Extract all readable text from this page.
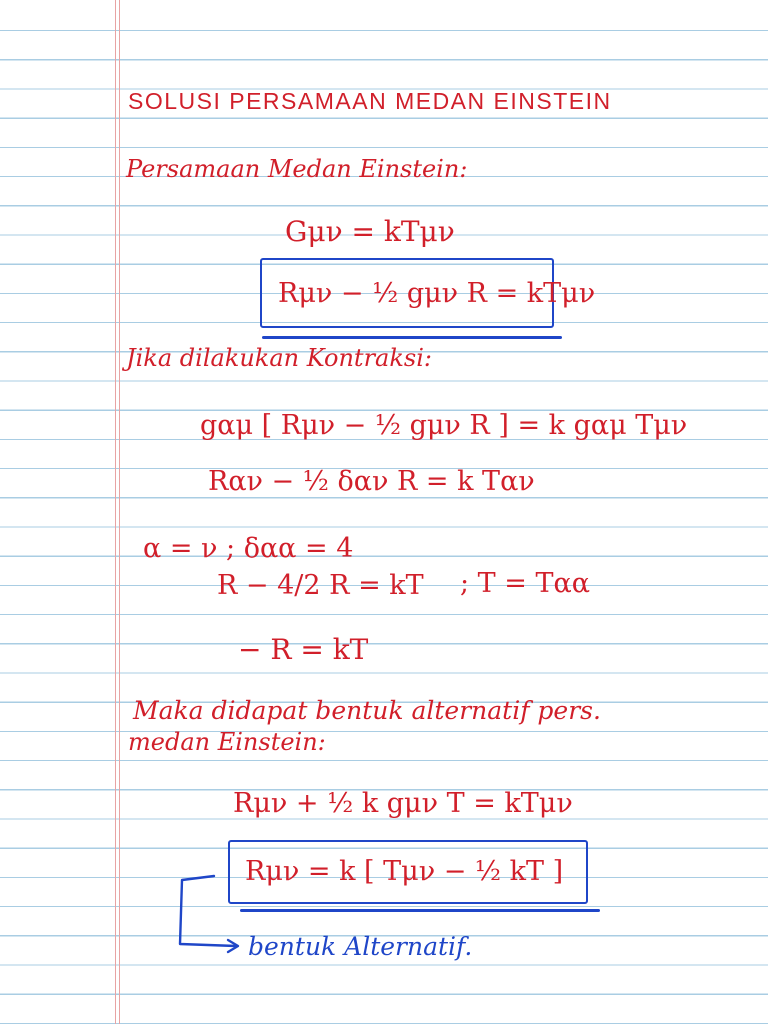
SOLUSI PERSAMAAN MEDAN EINSTEIN
Persamaan Medan Einstein:
Gμν = kTμν
Rμν − ½ gμν R = kTμν
Jika dilakukan Kontraksi:
gαμ [ Rμν − ½ gμν R ] = k gαμ Tμν
Rαν − ½ δαν R = k Tαν
α = ν ; δαα = 4
R − 4/2 R = kT ; T = Tαα
− R = kT
Maka didapat bentuk alternatif pers.
medan Einstein:
Rμν + ½ k gμν T = kTμν
Rμν = k [ Tμν − ½ kT ]
bentuk Alternatif.
